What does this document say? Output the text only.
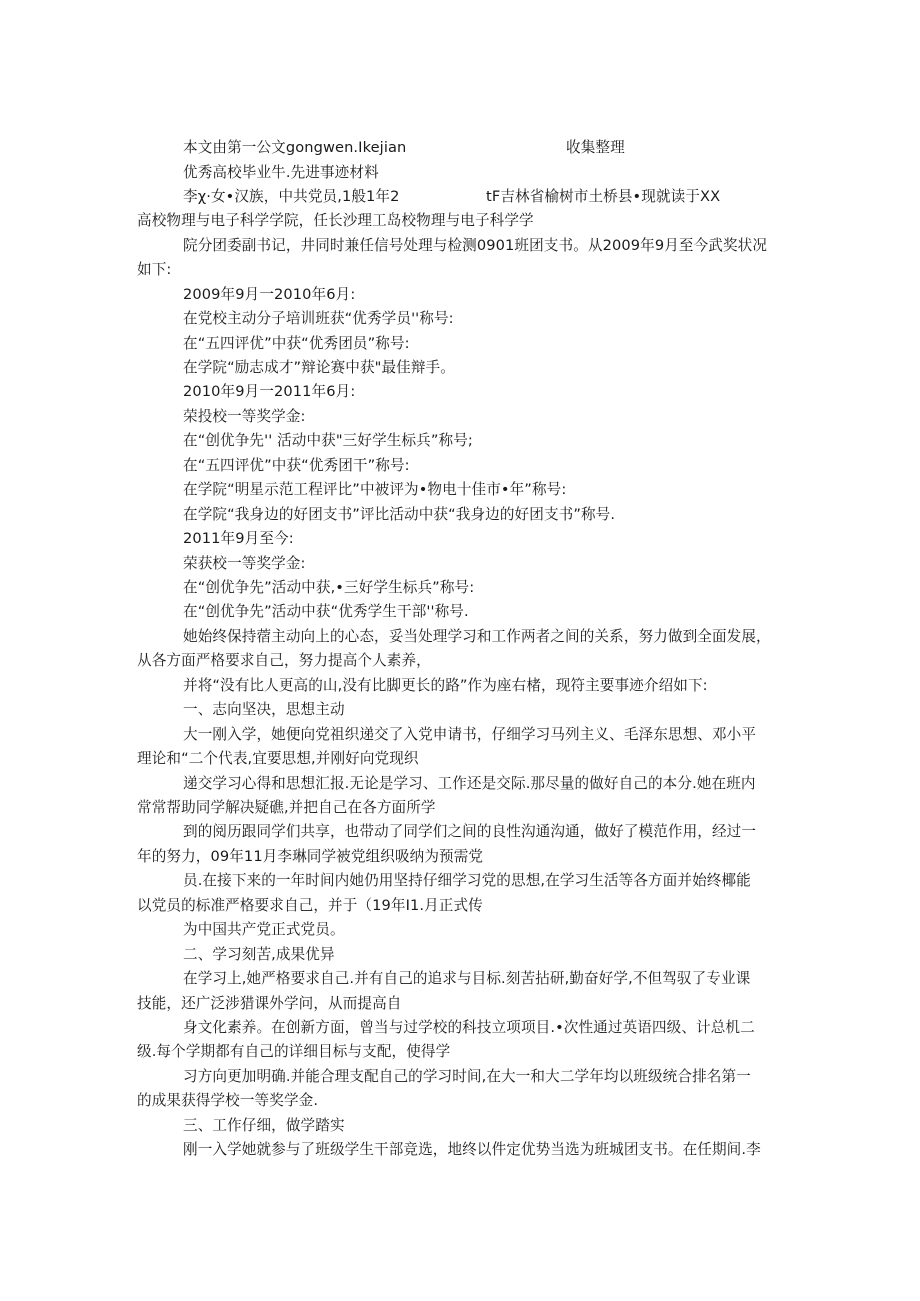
本文由第一公文gongwen.Ikejian	收集整理
优秀高校毕业牛.先进事迹材料
李χ·女•汉族，中共党员,1般1年2	tF吉林省榆树市土桥县•现就读于XX
高校物理与电子科学学院，任长沙理工岛校物理与电子科学学
院分团委副书记，井同时兼任信号处理与检测0901班团支书。从2009年9月至今武奖状况
如下:
2009年9月一2010年6月:
在党校主动分子培训班获“优秀学员''称号:
在“五四评优”中获“优秀团员”称号:
在学院“励志成才”辩论赛中获"最佳辩手。
2010年9月一2011年6月:
荣投校一等奖学金:
在“创优争先'' 活动中获"三好学生标兵”称号;
在“五四评优”中获“优秀团干”称号:
在学院“明星示范工程评比”中被评为•物电十佳市•年”称号:
在学院“我身边的好团支书”评比活动中获“我身边的好团支书”称号.
2011年9月至今:
荣获校一等奖学金:
在“创优争先”活动中获,•三好学生标兵”称号:
在“创优争先”活动中获“优秀学生干部''称号.
她始终保持蓿主动向上的心态，妥当处理学习和工作两者之间的关系，努力做到全面发展，
从各方面严格要求自己，努力提高个人素养，
并将“没有比人更高的山,没有比脚更长的路”作为座右楮，现符主要事迹介绍如下:
一、志向坚决，思想主动
大一刚入学，她便向党祖织递交了入党申请书，仔细学习马列主义、毛泽东思想、邓小平
理论和“二个代表,宜要思想,并刚好向党现织
递交学习心得和思想汇报.无论是学习、工作还是交际.那尽量的做好自己的本分.她在班内
常常帮助同学解决疑礁,并把自己在各方面所学
到的阅历跟同学们共享，也带动了同学们之间的良性沟通沟通，做好了模范作用，经过一
年的努力，09年11月李琳同学被党组织吸纳为预需党
员.在接下来的一年时间内她仍用坚持仔细学习党的思想,在学习生活等各方面并始终椰能
以党员的标准严格要求自己，并于（19年I1.月正式传
为中国共产党正式党员。
二、学习刻苦,成果优异
在学习上,她严格要求自己.并有自己的追求与目标.刻苦拈研,勤奋好学,不但驾驭了专业课
技能，还广泛涉猎课外学问，从而提高自
身文化素养。在创新方面，曾当与过学校的科技立项项目.•次性通过英语四级、计总机二
级.每个学期都有自己的详细目标与支配，使得学
习方向更加明确.并能合理支配自己的学习时间,在大一和大二学年均以班级统合排名第一
的成果获得学校一等奖学金.
三、工作仔细，做学踏实
刚一入学她就参与了班级学生干部竞选，地终以件定优势当选为班城团支书。在任期间.李
